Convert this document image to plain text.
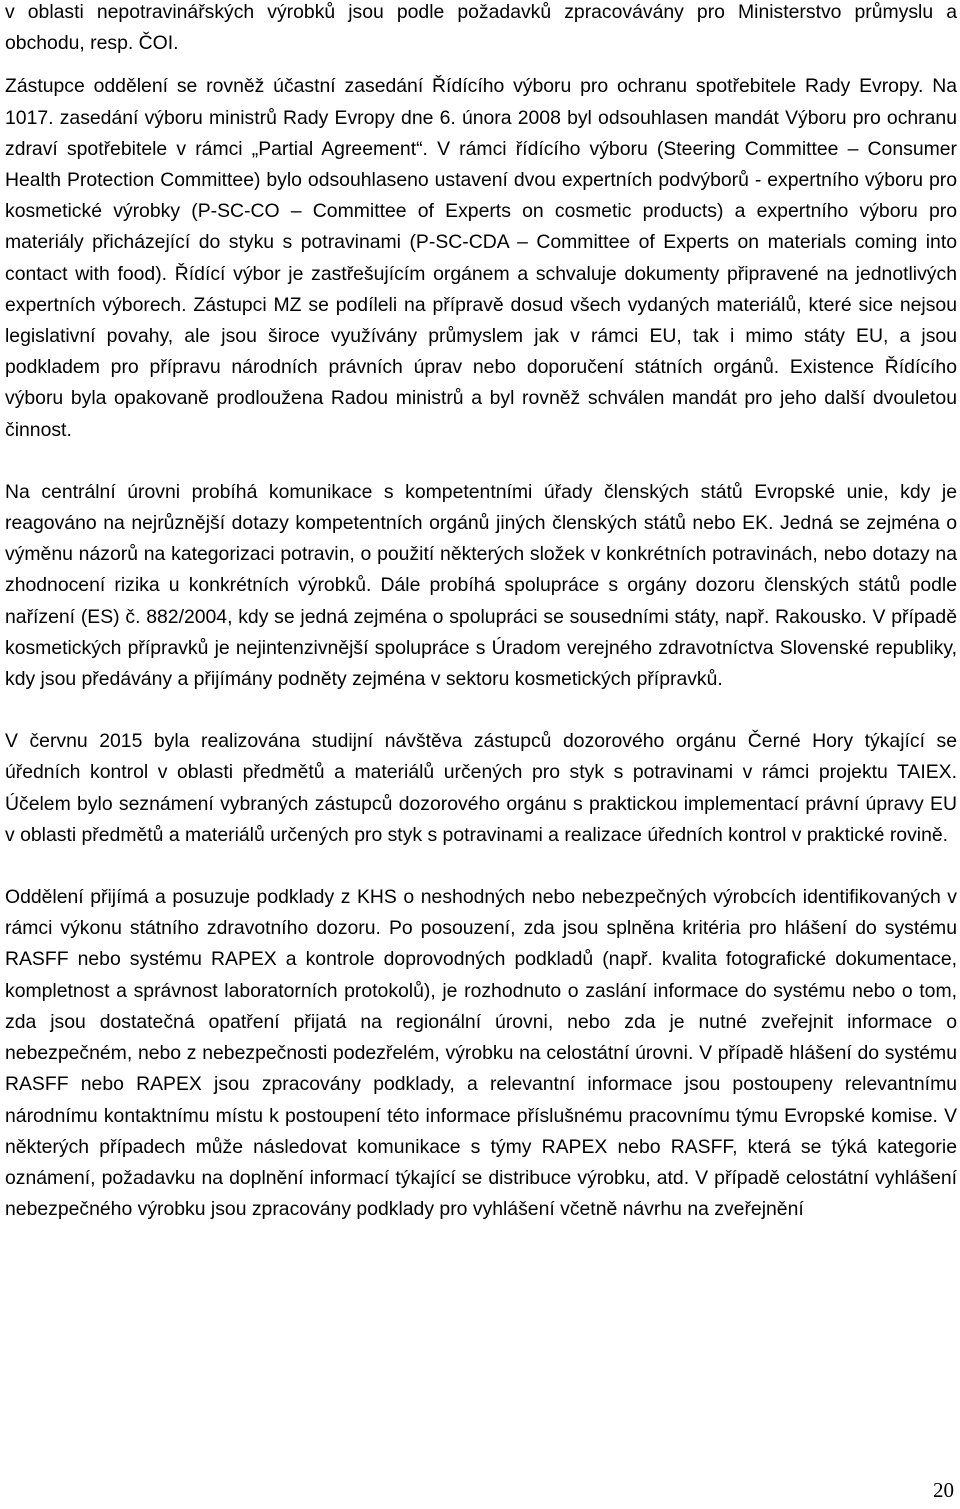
v oblasti nepotravinářských výrobků jsou podle požadavků zpracovávány pro Ministerstvo průmyslu a obchodu, resp. ČOI.

Zástupce oddělení se rovněž účastní zasedání Řídícího výboru pro ochranu spotřebitele Rady Evropy. Na 1017. zasedání výboru ministrů Rady Evropy dne 6. února 2008 byl odsouhlasen mandát Výboru pro ochranu zdraví spotřebitele v rámci „Partial Agreement“. V rámci řídícího výboru (Steering Committee – Consumer Health Protection Committee) bylo odsouhlaseno ustavení dvou expertních podvýborů - expertního výboru pro kosmetické výrobky (P-SC-CO – Committee of Experts on cosmetic products) a expertního výboru pro materiály přicházející do styku s potravinami (P-SC-CDA – Committee of Experts on materials coming into contact with food). Řídící výbor je zastřešujícím orgánem a schvaluje dokumenty připravené na jednotlivých expertních výborech. Zástupci MZ se podíleli na přípravě dosud všech vydaných materiálů, které sice nejsou legislativní povahy, ale jsou široce využívány průmyslem jak v rámci EU, tak i mimo státy EU, a jsou podkladem pro přípravu národních právních úprav nebo doporučení státních orgánů. Existence Řídícího výboru byla opakovaně prodloužena Radou ministrů a byl rovněž schválen mandát pro jeho další dvouletou činnost.

Na centrální úrovni probíhá komunikace s kompetentními úřady členských států Evropské unie, kdy je reagováno na nejrůznější dotazy kompetentních orgánů jiných členských států nebo EK. Jedná se zejména o výměnu názorů na kategorizaci potravin, o použití některých složek v konkrétních potravinách, nebo dotazy na zhodnocení rizika u konkrétních výrobků. Dále probíhá spolupráce s orgány dozoru členských států podle nařízení (ES) č. 882/2004, kdy se jedná zejména o spolupráci se sousedními státy, např. Rakousko. V případě kosmetických přípravků je nejintenzivnější spolupráce s Úradom verejného zdravotníctva Slovenské republiky, kdy jsou předávány a přijímány podněty zejména v sektoru kosmetických přípravků.

V červnu 2015 byla realizována studijní návštěva zástupců dozorového orgánu Černé Hory týkající se úředních kontrol v oblasti předmětů a materiálů určených pro styk s potravinami v rámci projektu TAIEX. Účelem bylo seznámení vybraných zástupců dozorového orgánu s praktickou implementací právní úpravy EU v oblasti předmětů a materiálů určených pro styk s potravinami a realizace úředních kontrol v praktické rovině.

Oddělení přijímá a posuzuje podklady z KHS o neshodných nebo nebezpečných výrobcích identifikovaných v rámci výkonu státního zdravotního dozoru. Po posouzení, zda jsou splněna kritéria pro hlášení do systému RASFF nebo systému RAPEX a kontrole doprovodných podkladů (např. kvalita fotografické dokumentace, kompletnost a správnost laboratorních protokolů), je rozhodnuto o zaslání informace do systému nebo o tom, zda jsou dostatečná opatření přijatá na regionální úrovni, nebo zda je nutné zveřejnit informace o nebezpečném, nebo z nebezpečnosti podezřelém, výrobku na celostátní úrovni. V případě hlášení do systému RASFF nebo RAPEX jsou zpracovány podklady, a relevantní informace jsou postoupeny relevantnímu národnímu kontaktnímu místu k postoupení této informace příslušnému pracovnímu týmu Evropské komise. V některých případech může následovat komunikace s týmy RAPEX nebo RASFF, která se týká kategorie oznámení, požadavku na doplnění informací týkající se distribuce výrobku, atd. V případě celostátní vyhlášení nebezpečného výrobku jsou zpracovány podklady pro vyhlášení včetně návrhu na zveřejnění

20
